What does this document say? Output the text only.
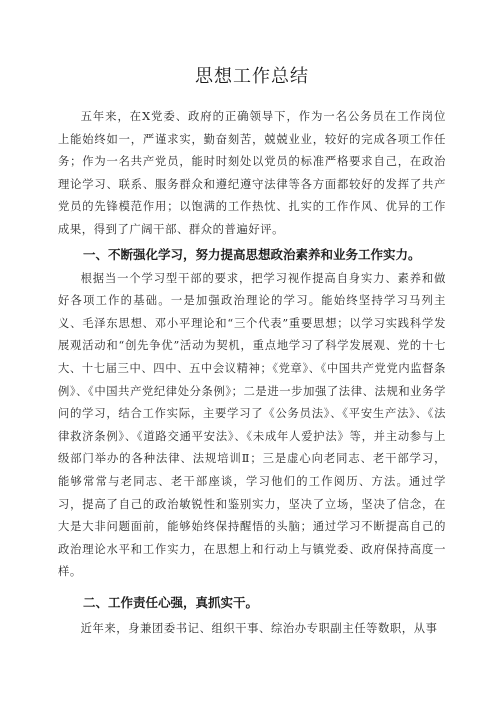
思想工作总结

五年来，在X党委、政府的正确领导下，作为一名公务员在工作岗位上能始终如一，严谨求实，勤奋刻苦，兢兢业业，较好的完成各项工作任务；作为一名共产党员，能时时刻处以党员的标准严格要求自己，在政治理论学习、联系、服务群众和遵纪遵守法律等各方面都较好的发挥了共产党员的先锋模范作用；以饱满的工作热忱、扎实的工作作风、优异的工作成果，得到了广阔干部、群众的普遍好评。

一、不断强化学习，努力提高思想政治素养和业务工作实力。

根据当一个学习型干部的要求，把学习视作提高自身实力、素养和做好各项工作的基础。一是加强政治理论的学习。能始终坚持学习马列主义、毛泽东思想、邓小平理论和“三个代表”重要思想；以学习实践科学发展观活动和“创先争优”活动为契机，重点地学习了科学发展观、党的十七大、十七届三中、四中、五中会议精神；《党章》、《中国共产党党内监督条例》、《中国共产党纪律处分条例》；二是进一步加强了法律、法规和业务学问的学习，结合工作实际，主要学习了《公务员法》、《平安生产法》、《法律救济条例》、《道路交通平安法》、《未成年人爱护法》等，并主动参与上级部门举办的各种法律、法规培训Ⅱ；三是虚心向老同志、老干部学习，能够常常与老同志、老干部座谈，学习他们的工作阅历、方法。通过学习，提高了自己的政治敏锐性和鉴别实力，坚决了立场，坚决了信念，在大是大非问题面前，能够始终保持醒悟的头脑；通过学习不断提高自己的政治理论水平和工作实力，在思想上和行动上与镇党委、政府保持高度一样。

二、工作责任心强，真抓实干。

近年来，身兼团委书记、组织干事、综治办专职副主任等数职，从事
